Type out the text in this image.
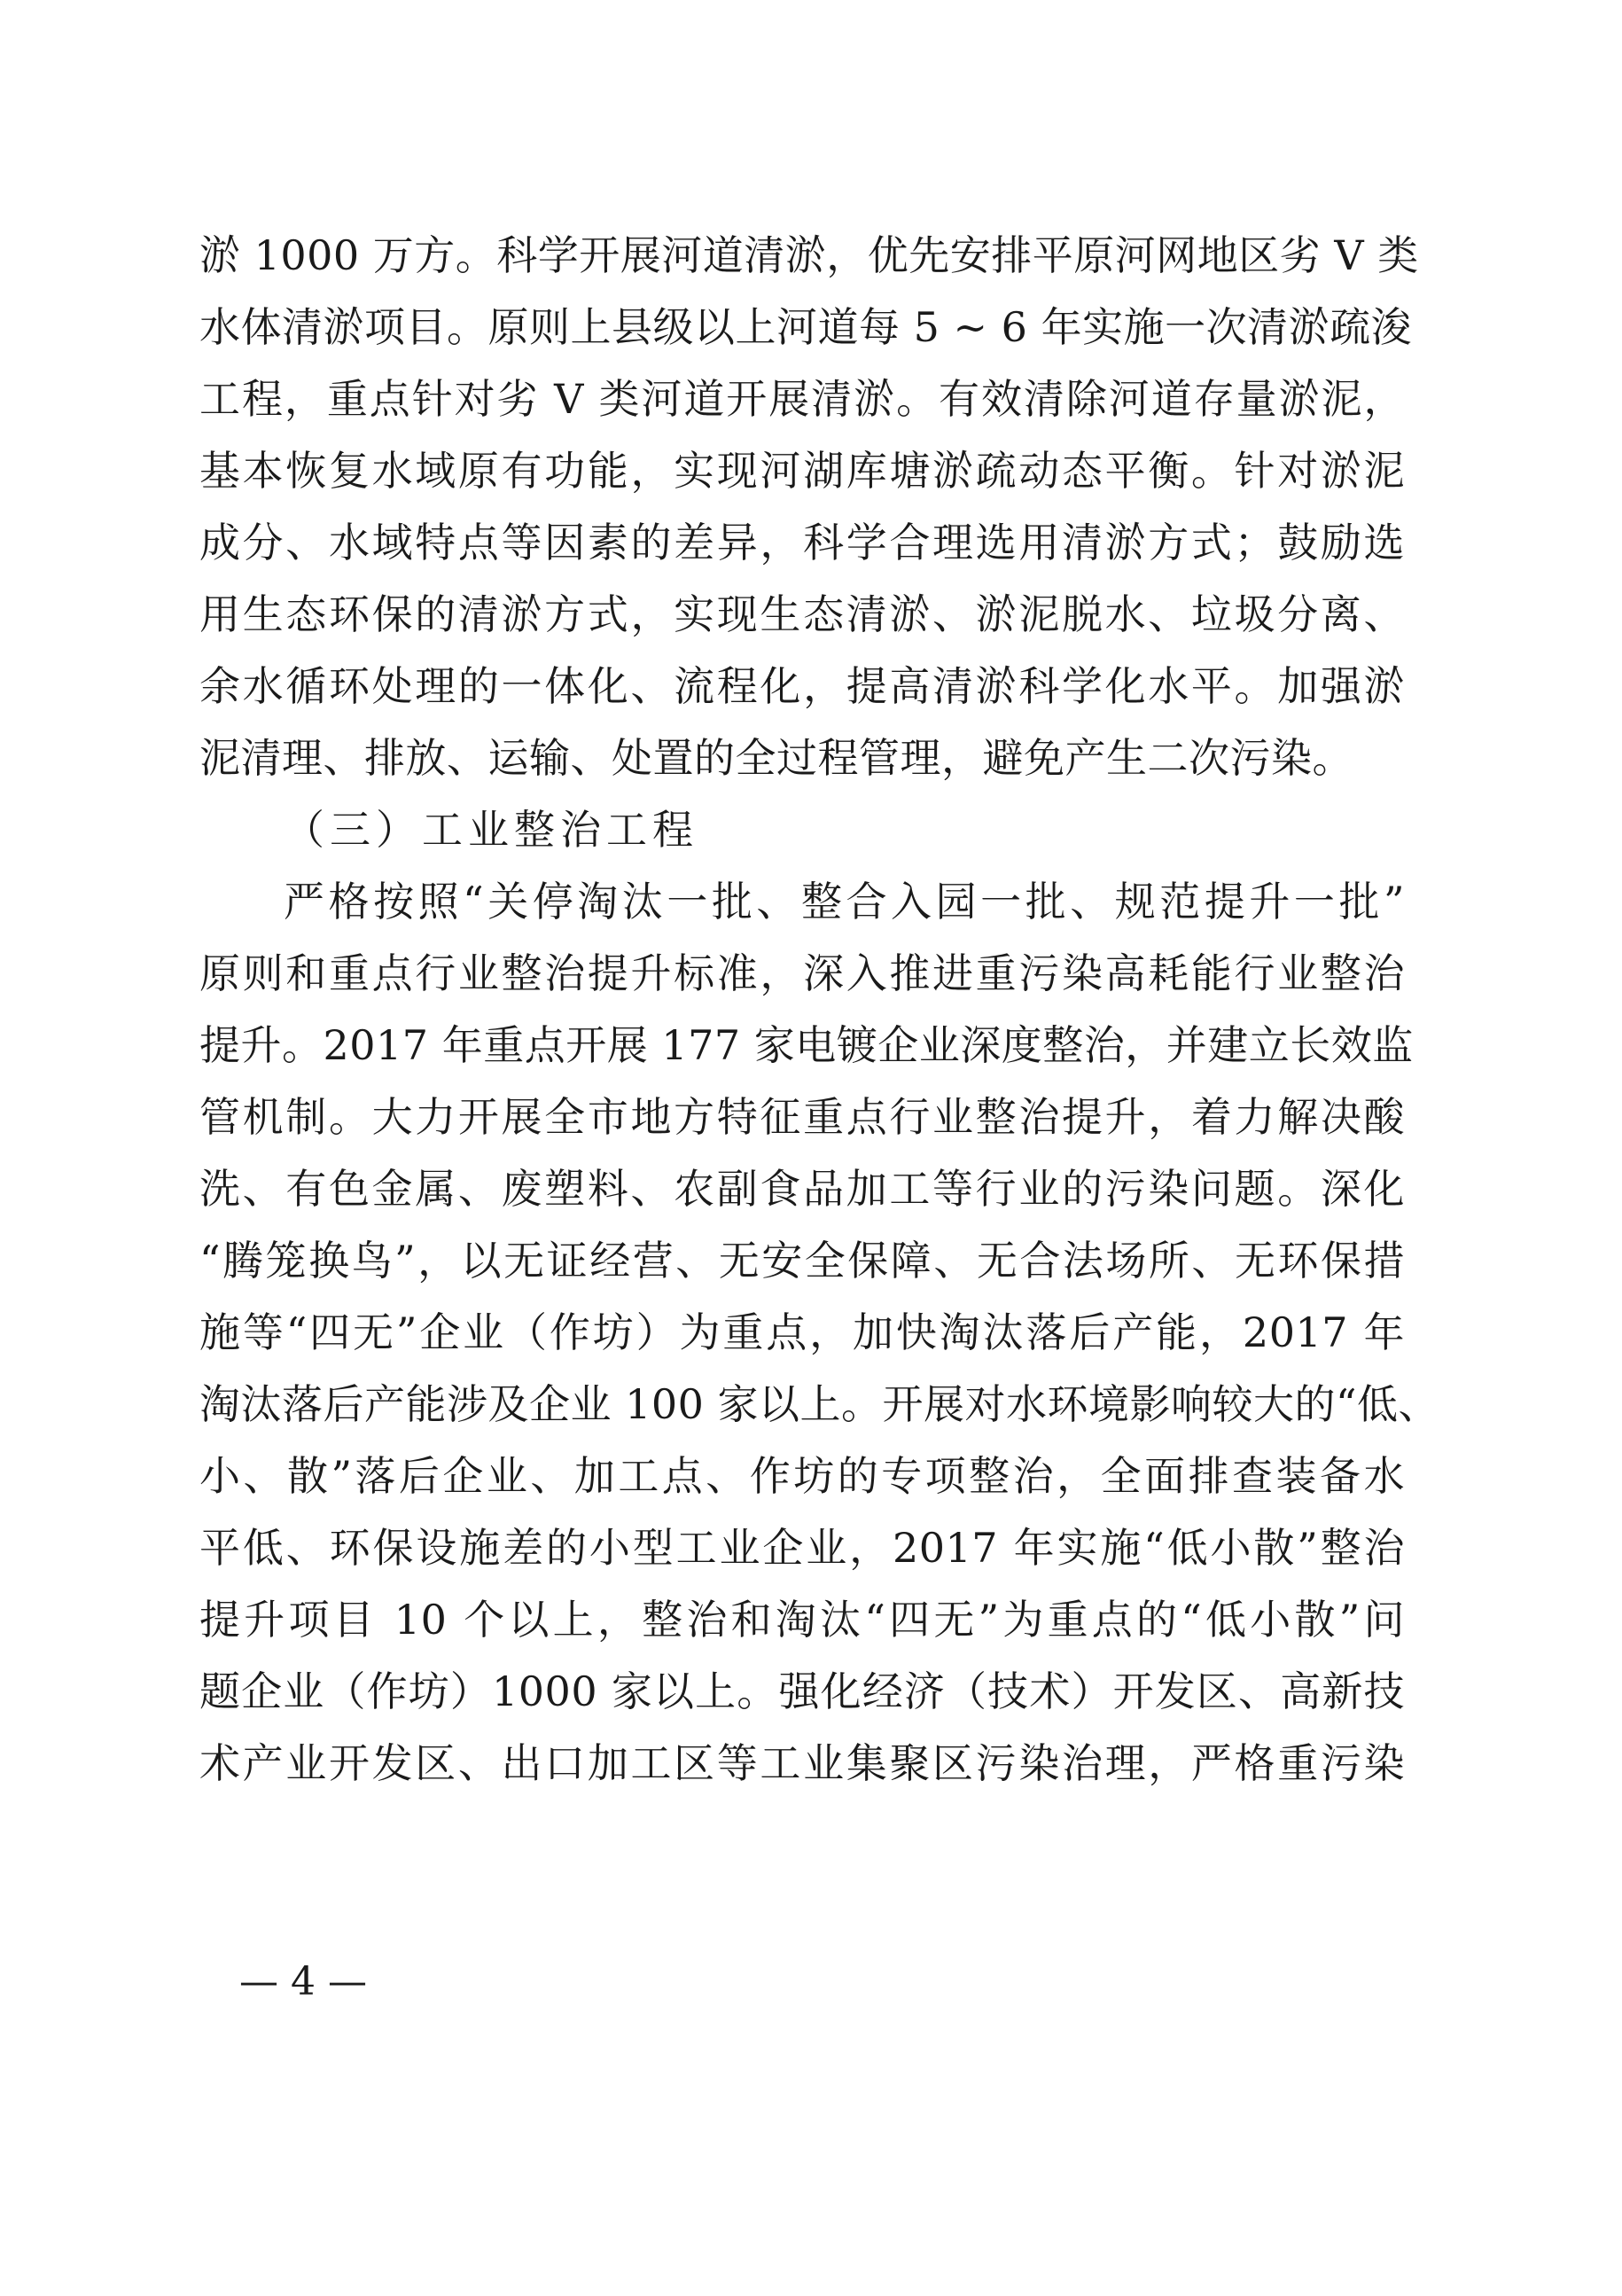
淤 1000 万方。科学开展河道清淤，优先安排平原河网地区劣 V 类
水体清淤项目。原则上县级以上河道每 5 ~ 6 年实施一次清淤疏浚
工程，重点针对劣 V 类河道开展清淤。有效清除河道存量淤泥，
基本恢复水域原有功能，实现河湖库塘淤疏动态平衡。针对淤泥
成分、水域特点等因素的差异，科学合理选用清淤方式；鼓励选
用生态环保的清淤方式，实现生态清淤、淤泥脱水、垃圾分离、
余水循环处理的一体化、流程化，提高清淤科学化水平。加强淤
泥清理、排放、运输、处置的全过程管理，避免产生二次污染。
（三）工业整治工程
严格按照“关停淘汰一批、整合入园一批、规范提升一批”
原则和重点行业整治提升标准，深入推进重污染高耗能行业整治
提升。2017 年重点开展 177 家电镀企业深度整治，并建立长效监
管机制。大力开展全市地方特征重点行业整治提升，着力解决酸
洗、有色金属、废塑料、农副食品加工等行业的污染问题。深化
“腾笼换鸟”，以无证经营、无安全保障、无合法场所、无环保措
施等“四无”企业（作坊）为重点，加快淘汰落后产能，2017 年
淘汰落后产能涉及企业 100 家以上。开展对水环境影响较大的“低、
小、散”落后企业、加工点、作坊的专项整治，全面排查装备水
平低、环保设施差的小型工业企业，2017 年实施“低小散”整治
提升项目 10 个以上，整治和淘汰“四无”为重点的“低小散”问
题企业（作坊）1000 家以上。强化经济（技术）开发区、高新技
术产业开发区、出口加工区等工业集聚区污染治理，严格重污染
— 4 —
